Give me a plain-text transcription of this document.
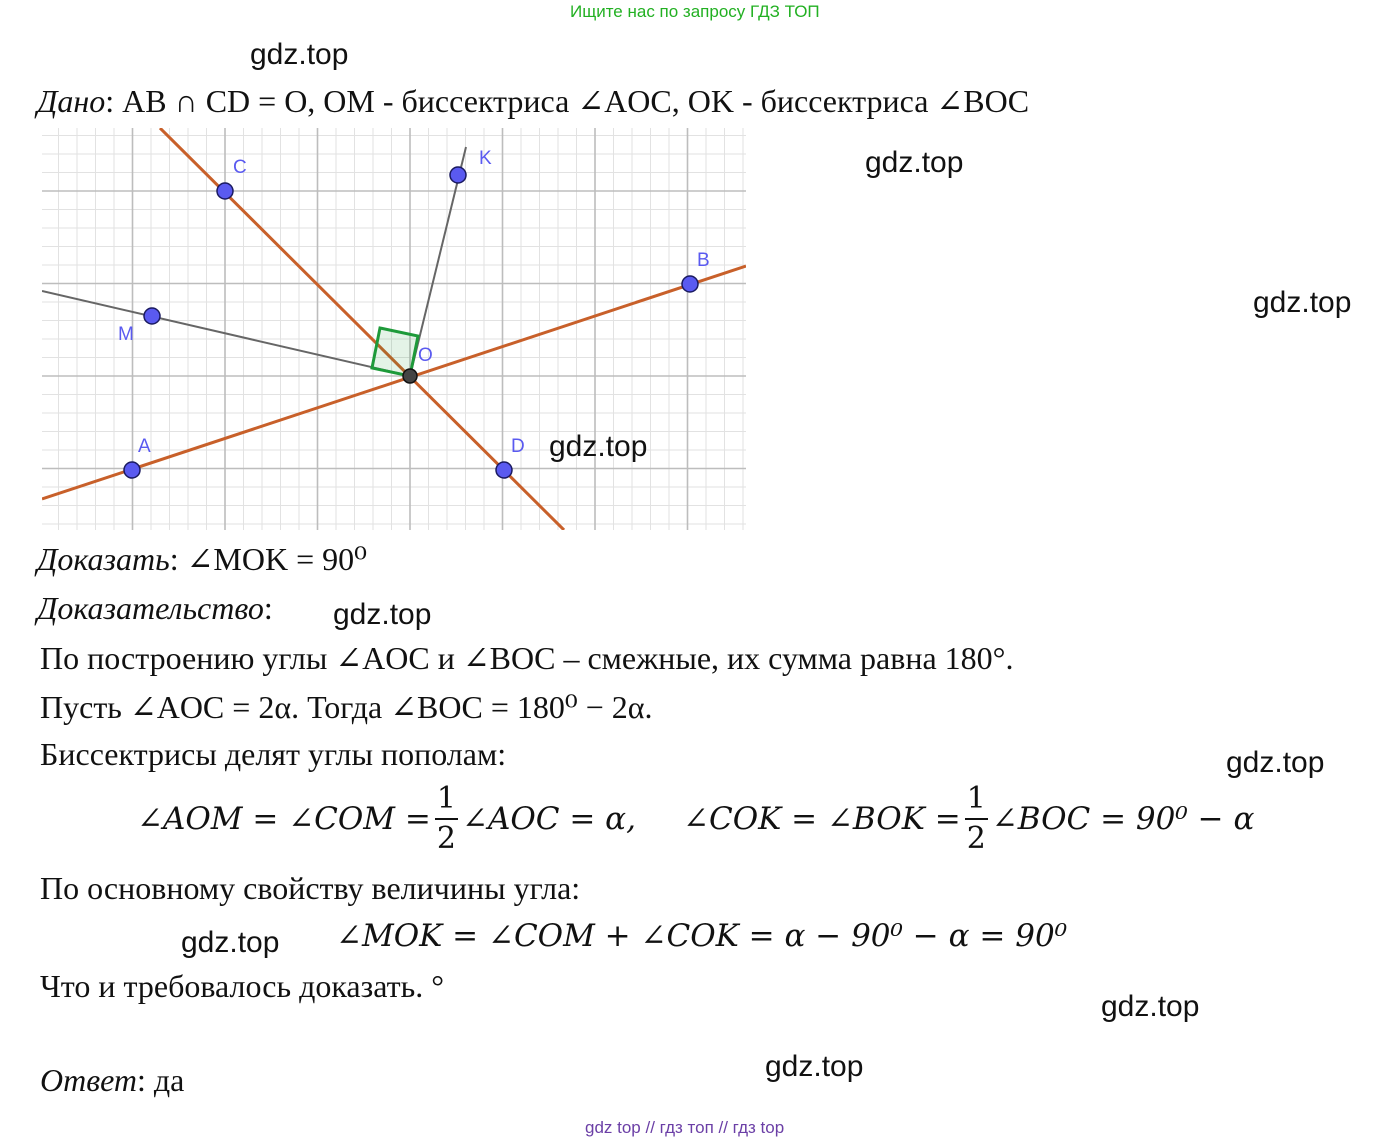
Ищите нас по запросу ГДЗ ТОП
gdz.top
Дано: AB ∩ CD = O, OM - биссектриса ∠AOC, OK - биссектриса ∠BOC
C	K
B
M
O
A	D
gdz.top
gdz.top
gdz.top
Доказать: ∠MOK = 90⁰
Доказательство: gdz.top
По построению углы ∠AOC и ∠BOC – смежные, их сумма равна 180°.
Пусть ∠AOC = 2α. Тогда ∠BOC = 180⁰ − 2α.
Биссектрисы делят углы пополам:	gdz.top
∠AOM = ∠COM = $\frac{1}{2}$ ∠AOC = α, ∠COK = ∠BOK = $\frac{1}{2}$ ∠BOC = 90⁰ − α
По основному свойству величины угла:
gdz.top ∠MOK = ∠COM + ∠COK = α − 90⁰ − α = 90⁰
Что и требовалось доказать. °
gdz.top
gdz.top
Ответ: да
gdz top // гдз топ // гдз top
